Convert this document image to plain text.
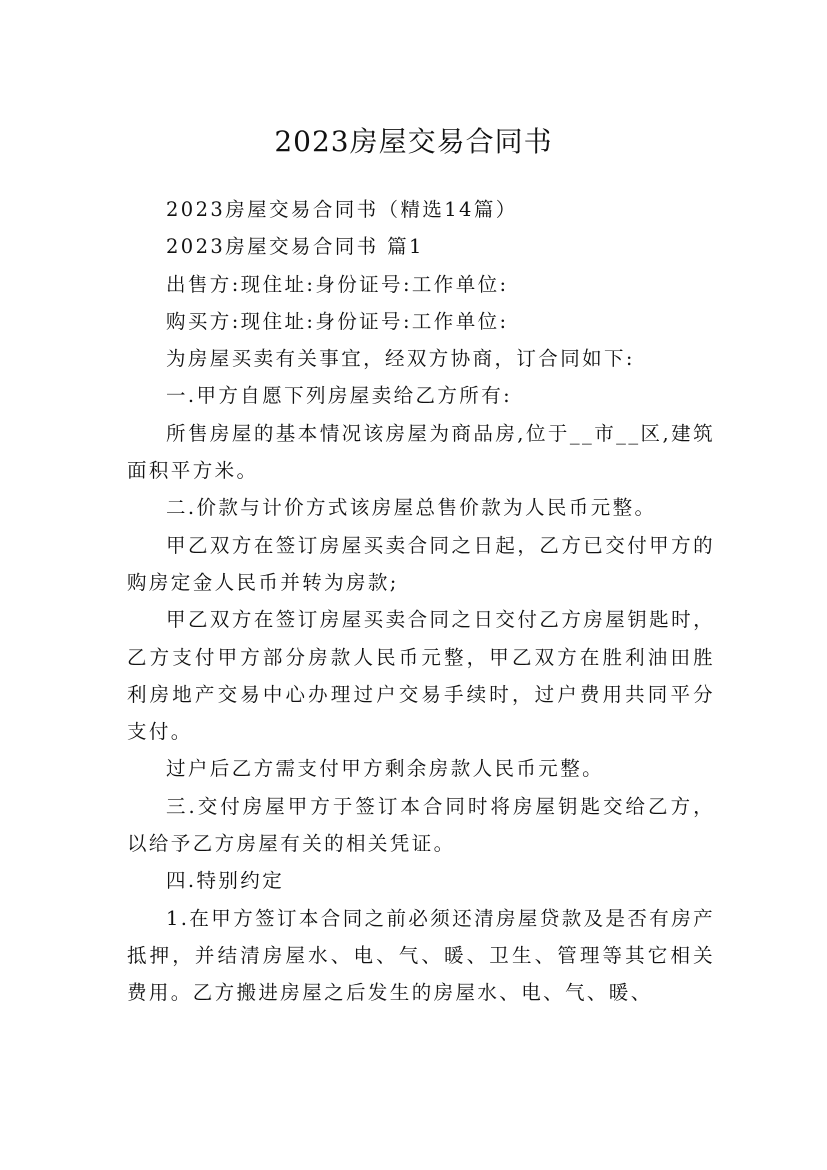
2023房屋交易合同书

2023房屋交易合同书（精选14篇）

2023房屋交易合同书 篇1

出售方:现住址:身份证号:工作单位:

购买方:现住址:身份证号:工作单位:

为房屋买卖有关事宜，经双方协商，订合同如下:

一.甲方自愿下列房屋卖给乙方所有:

所售房屋的基本情况该房屋为商品房,位于__市__区,建筑面积平方米。

二.价款与计价方式该房屋总售价款为人民币元整。

甲乙双方在签订房屋买卖合同之日起，乙方已交付甲方的购房定金人民币并转为房款;

甲乙双方在签订房屋买卖合同之日交付乙方房屋钥匙时，乙方支付甲方部分房款人民币元整，甲乙双方在胜利油田胜利房地产交易中心办理过户交易手续时，过户费用共同平分支付。

过户后乙方需支付甲方剩余房款人民币元整。

三.交付房屋甲方于签订本合同时将房屋钥匙交给乙方，以给予乙方房屋有关的相关凭证。

四.特别约定

1.在甲方签订本合同之前必须还清房屋贷款及是否有房产抵押，并结清房屋水、电、气、暖、卫生、管理等其它相关费用。乙方搬进房屋之后发生的房屋水、电、气、暖、
